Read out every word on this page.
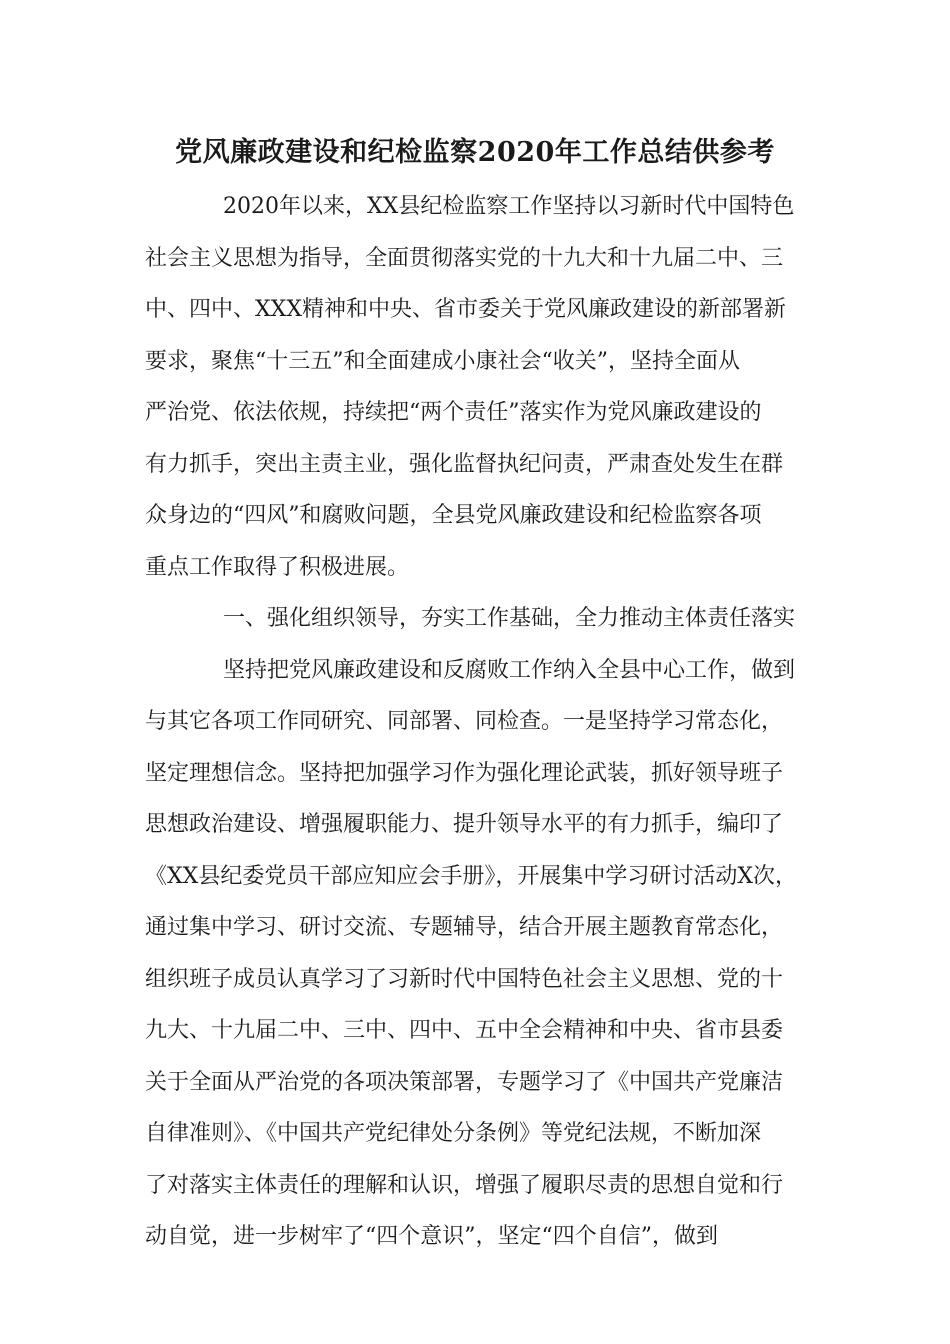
党风廉政建设和纪检监察2020年工作总结供参考
2020年以来，XX县纪检监察工作坚持以习新时代中国特色
社会主义思想为指导，全面贯彻落实党的十九大和十九届二中、三
中、四中、XXX精神和中央、省市委关于党风廉政建设的新部署新
要求，聚焦“十三五”和全面建成小康社会“收关”，坚持全面从
严治党、依法依规，持续把“两个责任”落实作为党风廉政建设的
有力抓手，突出主责主业，强化监督执纪问责，严肃查处发生在群
众身边的“四风”和腐败问题，全县党风廉政建设和纪检监察各项
重点工作取得了积极进展。
一、强化组织领导，夯实工作基础，全力推动主体责任落实
坚持把党风廉政建设和反腐败工作纳入全县中心工作，做到
与其它各项工作同研究、同部署、同检查。一是坚持学习常态化，
坚定理想信念。坚持把加强学习作为强化理论武装，抓好领导班子
思想政治建设、增强履职能力、提升领导水平的有力抓手，编印了
《XX县纪委党员干部应知应会手册》，开展集中学习研讨活动X次，
通过集中学习、研讨交流、专题辅导，结合开展主题教育常态化，
组织班子成员认真学习了习新时代中国特色社会主义思想、党的十
九大、十九届二中、三中、四中、五中全会精神和中央、省市县委
关于全面从严治党的各项决策部署，专题学习了《中国共产党廉洁
自律准则》、《中国共产党纪律处分条例》等党纪法规，不断加深
了对落实主体责任的理解和认识，增强了履职尽责的思想自觉和行
动自觉，进一步树牢了“四个意识”，坚定“四个自信”，做到
